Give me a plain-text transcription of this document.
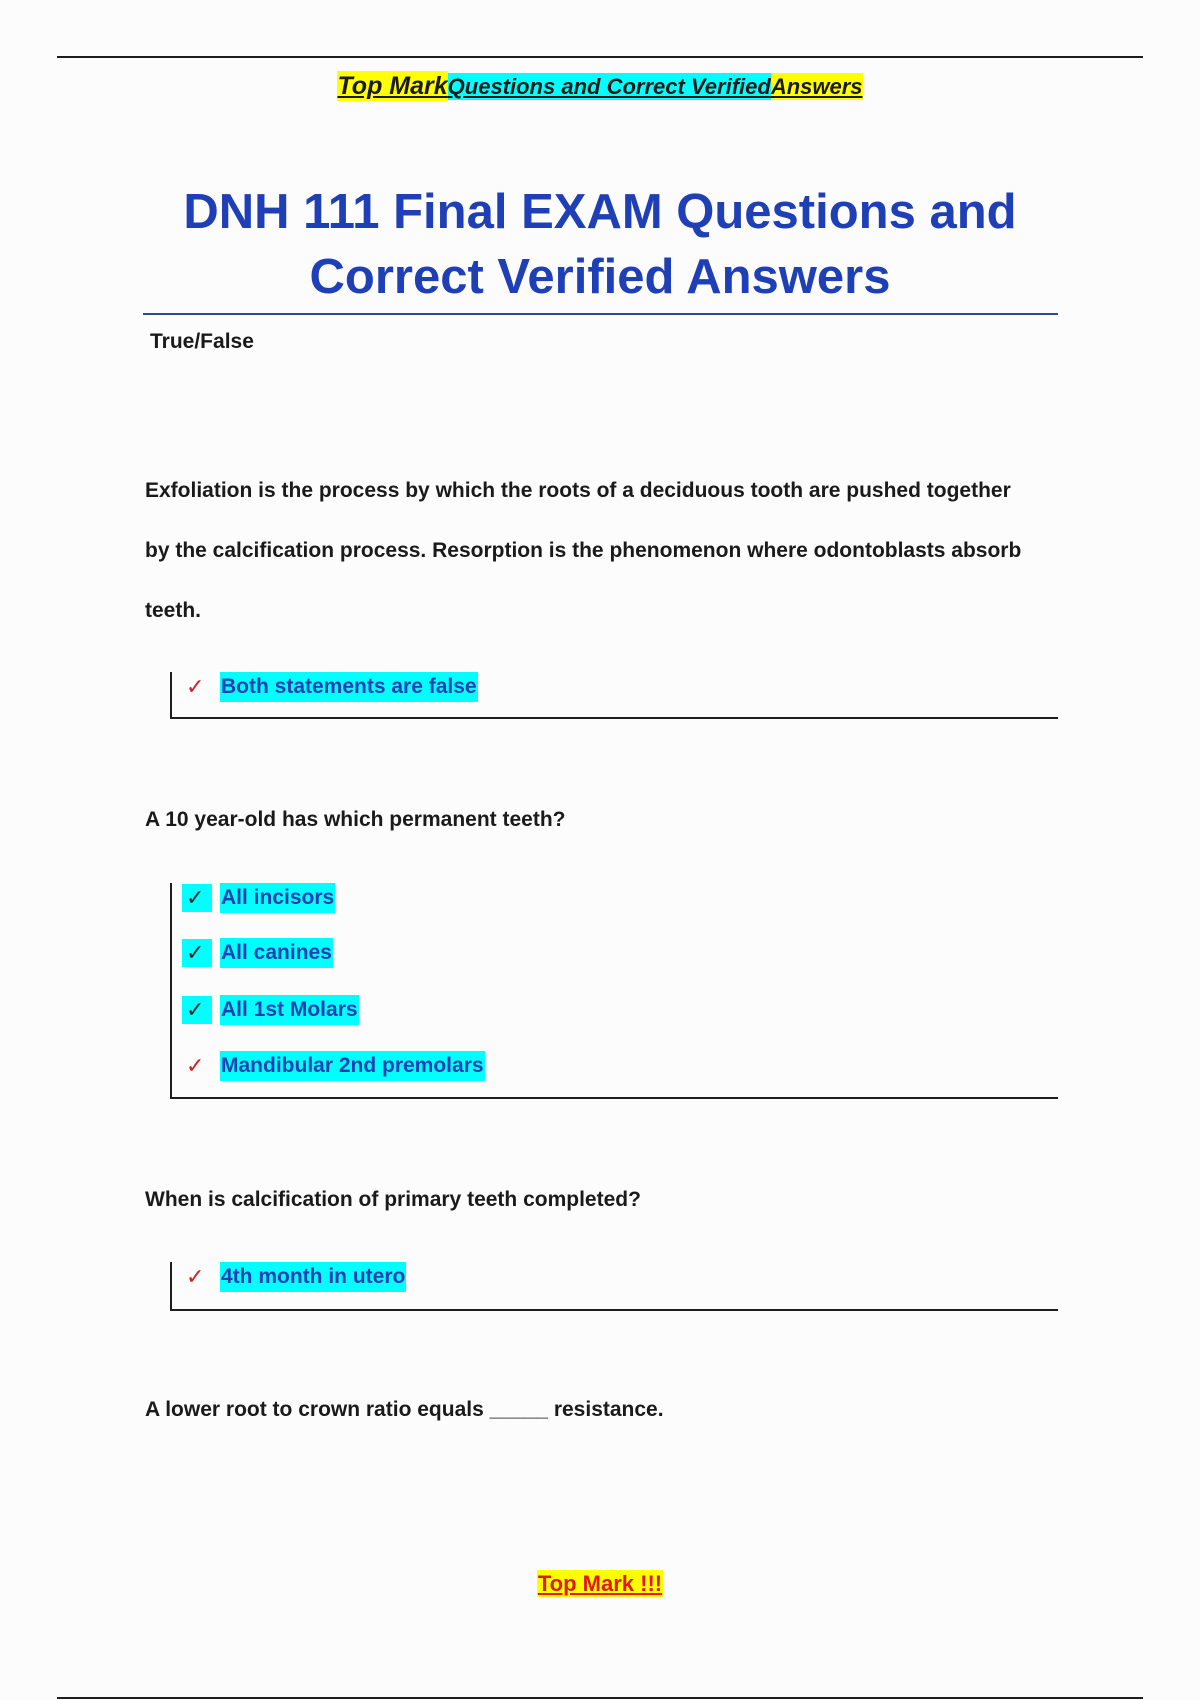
Top MarkQuestions and Correct VerifiedAnswers
DNH 111 Final EXAM Questions and
Correct Verified Answers
True/False
Exfoliation is the process by which the roots of a deciduous tooth are pushed together
by the calcification process. Resorption is the phenomenon where odontoblasts absorb
teeth.
✓ Both statements are false
A 10 year-old has which permanent teeth?
✓ All incisors
✓ All canines
✓ All 1st Molars
✓ Mandibular 2nd premolars
When is calcification of primary teeth completed?
✓ 4th month in utero
A lower root to crown ratio equals _____ resistance.
Top Mark !!!
